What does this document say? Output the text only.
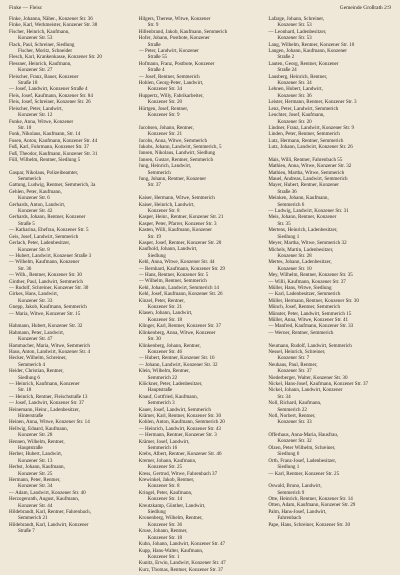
Finke — Fleisc	Gemeinde Großrath 2:9
Finke, Johanna, Näher., Konzener Str. 36
Finke, Karl, Werkmeister, Konzener Str. 38
Fischer, Heinrich, Kaufmann,
Konzener Str. 53
Flack, Paul, Schreiner, Siedlung
Fischer, Moritz, Schneider
Flesch, Karl, Krankenkasse, Konzener Str. 20
Flessner, Heinrich, Kaufmann,
Konzener Str. 27
Fleischer, Franz, Bauer, Konzener
Straße 18
— Josef, Landwirt, Konzener Straße 4
Fleis, Josef, Kaufmann, Konzener Str. 84
Fleis, Josef, Schreiner, Konzener Str. 26
Fleischer, Peter, Landwirt,
Konzener Str. 12
Funke, Anna, Witwe, Konzener
Str. 10
Funk, Nikolaus, Kaufmann, Str. 14
Fusen, Anton, Kaufmann, Konzener Str. 44
Fuß, Karl, Fuhrmann, Konzener Str. 37
Fuß, Theodor, Kaufmann, Konzener Str. 31
Füll, Wilhelm, Rentner, Siedlung 5
Gaspar, Nikolaus, Polizeibeamter,
Semmerich
Gattung, Ludwig, Rentner, Semmerich, 3a
Gehlen, Peter, Kaufmann,
Konzener Str. 6
Gerhards, Anton, Landwirt,
Konzener Str. 42
Gerhards, Johann, Rentner, Konzener
Straße 5
— Katharina, Ehefrau, Konzener Str. 5
Geis, Josef, Landwirt, Semmerich
Gerlach, Peter, Ladenbesitzer,
Konzener Str. 8
— Hubert, Landwirt, Konzener Straße 3
— Wilhelm, Kaufmann, Konzener
Str. 36
— Wilh., Rentner, Konzener Str. 30
Ginther, Paul, Landwirt, Semmerich
— Rudolf, Schreiner, Konzener Str. 30
Girkes, Hans, Landwirt,
Konzener Str. 33
Gnepp, Jakob, Kaufmann, Semmerich
— Maria, Witwe, Konzener Str. 15
Hahmann, Hubert, Konzener Str. 32
Hahmann, Peter, Landwirt,
Konzener Str. 47
Hammacher, Maria, Witwe, Semmerich
Haus, Anton, Landwirt, Konzener Str. 4
Hecker, Wilhelm, Schreiner,
Semmerich 4
Heider, Christian, Rentner,
Siedlung 6
— Heinrich, Kaufmann, Konzener
Str. 18
— Heinrich, Rentner, Fleischstraße 13
— Josef, Landwirt, Konzener Str. 37
Heinemann, Heinr., Ladenbesitzer,
Hinterstraße
Heinen, Anna, Witwe, Konzener Str. 14
Hellwig, Eduard, Kaufmann,
Konzener Str. 28
Hennen, Wilhelm, Rentner,
Hauptstraße
Herber, Hubert, Landwirt,
Konzener Str. 13
Herbst, Johann, Kaufmann,
Konzener Str. 25
Hermann, Peter, Rentner,
Konzener Str. 34
— Adam, Landwirt, Konzener Str. 40
Herzogenrath, August, Kaufmann,
Konzener Str. 44
Hildebrandt, Karl, Rentner, Fahrenbach,
Semmerich 21
Hildebrandt, Karl, Landwirt, Konzener
Straße 7
Hilgers, Therese, Witwe, Konzener
Str. 9
Hillenbrand, Jakob, Kaufmann, Semmerich
Hofer, Johann, Postbote, Konzener
Straße
— Peter, Landwirt, Konzener
Straße 55
Hofmann, Franz, Postbote, Konzener
Straße 4
— Josef, Rentner, Semmerich
Hohlen, Georg-Peter, Landwirt,
Konzener Str. 34
Huppertz, Willy, Fabrikarbeiter,
Konzener Str. 20
Hürtgen, Josef, Rentner,
Konzener Str. 9
Jacobsen, Johann, Rentner,
Konzener Str. 21
Jacobs, Anna, Witwe, Semmerich
Jakobs, Johann, Landwirt, Semmerich, 5
Jansen, Nikolaus, Landwirt, Siedlung
Jansen, Gustav, Rentner, Semmerich
Jung, Heinrich, Landwirt,
Semmerich
Jung, Johann, Rentner, Konzener
Str. 37
Kaiser, Hermann, Witwe, Semmerich
Kaiser, Heinrich, Landwirt,
Konzener Str. 8
Kasper, Heinr., Rentner, Konzener Str. 21
Kasper, Peter, Pfarrer, Konzener Str. 3
Kasten, Willi, Kaufmann, Konzener
Str. 19
Kasper, Josef, Rentner, Konzener Str. 20
Kaufhold, Johann, Landwirt,
Siedlung
Kehl, Anna, Witwe, Konzener Str. 44
— Bernhard, Kaufmann, Konzener Str. 29
— Hans, Rentner, Konzener Str. 5
— Wilhelm, Rentner, Semmerich
Kehl, Johann, Landwirt, Semmerich 14
Kehl, Josef, Kaufmann, Konzener Str. 26
Kinzel, Peter, Rentner,
Konzener Str. 21
Klasen, Johann, Landwirt,
Konzener Str. 18
Klinger, Karl, Rentner, Konzener Str. 37
Klinkenberg, Anna, Witwe, Konzener
Str. 30
Klinkenberg, Johann, Rentner,
Konzener Str. 46
— Hubert, Rentner, Konzener Str. 16
— Johann, Landwirt, Konzener Str. 32
Klein, Wilhelm, Rentner,
Semmerich 22
Klöckner, Peter, Ladenbesitzer,
Hauptstraße
Knauf, Gottfried, Kaufmann,
Semmerich 3
Kauer, Josef, Landwirt, Semmerich
Krämer, Karl, Rentner, Konzener Str. 30
Kohlen, Anton, Kaufmann, Semmerich 20
— Heinrich, Landwirt, Konzener Str. 43
— Hermann, Rentner, Konzener Str. 3
Krämer, Josef, Landwirt,
Semmerich 16
Krebs, Albert, Rentner, Konzener Str. 46
Kremer, Johann, Kaufmann,
Konzener Str. 25
Kress, Gertrud, Witwe, Fahrenbach 37
Krewinkel, Jakob, Rentner,
Konzener Str. 8
Kringel, Peter, Kaufmann,
Konzener Str. 14
Kreutzkamp, Günther, Landwirt,
Siedlung
Kronenberg, Wilhelm, Rentner,
Konzener Str. 36
Kruse, Johann, Rentner,
Konzener Str. 18
Kuhn, Johann, Landwirt, Konzener Str. 47
Kupp, Hans-Walter, Kaufmann,
Konzener Str. 1
Kunitz, Erwin, Landwirt, Konzener Str. 47
Kurz, Thomas, Rentner, Konzener Str. 37
Lafarge, Johann, Schreiner,
Konzener Str. 53
— Leonhard, Ladenbesitzer,
Konzener Str. 53
Lang, Wilhelm, Rentner, Konzener Str. 10
Langen, Johann, Kaufmann, Konzener
Straße 2
Lauten, Georg, Rentner, Konzener
Straße 24
Lausberg, Heinrich, Rentner,
Konzener Str. 34
Lehnen, Hubert, Landwirt,
Konzener Str. 36
Leister, Hermann, Rentner, Konzener Str. 3
Lenz, Peter, Landwirt, Semmerich
Leuchter, Josef, Kaufmann,
Konzener Str. 20
Lindner, Franz, Landwirt, Konzener Str. 9
Linden, Peter, Rentner, Semmerich
Lutz, Hermann, Rentner, Semmerich
Lutz, Johann, Landwirt, Konzener Str. 26
Mais, Willi, Rentner, Fahrenbach 55
Mathieu, Anna, Witwe, Konzener Str. 32
Mathieu, Martha, Witwe, Semmerich
Mauel, Andreas, Landwirt, Semmerich
Mayer, Hubert, Rentner, Konzener
Straße 36
Meinken, Johann, Kaufmann,
Semmerich 6
— Ludwig, Landwirt, Konzener Str. 31
Meis, Johann, Rentner, Konzener
Str. 35
Mertens, Heinrich, Ladenbesitzer,
Siedlung 1
Meyer, Martha, Witwe, Semmerich 32
Michels, Martin, Ladenbesitzer,
Konzener Str. 28
Mertes, Johann, Ladenbesitzer,
Konzener Str. 10
Mey, Wilhelm, Rentner, Konzener Str. 35
— Willi, Kaufmann, Konzener Str. 37
Müller, Hans, Witwe, Siedlung
— Karl, Ladenbesitzer, Semmerich
Müller, Hermann, Rentner, Konzener Str. 30
Münch, Josef, Rentner, Semmerich
Münster, Peter, Landwirt, Semmerich 15
Müller, Anna, Witwe, Konzener Str. 41
— Manfred, Kaufmann, Konzener Str. 33
— Werner, Rentner, Semmerich
Neumann, Rudolf, Landwirt, Semmerich
Nessel, Heinrich, Schreiner,
Konzener Str. 7
Neuhaus, Paul, Rentner,
Konzener Str. 37
Niederberger, Walter, Konzener Str. 30
Nickel, Hans-Josef, Kaufmann, Konzener Str. 37
Nickel, Johann, Landwirt, Konzener
Str. 34
Noll, Richard, Kaufmann,
Semmerich 22
Noll, Norbert, Rentner,
Konzener Str. 33
Offerhaus, Anna-Maria, Hausfrau,
Konzener Str. 32
Olzen, Peter Wilhelm, Schreiner,
Siedlung 6
Orth, Franz-Josef, Ladenbesitzer,
Siedlung 1
— Karl, Rentner, Konzener Str. 25
Oswald, Bruno, Landwirt,
Semmerich 9
Otte, Heinrich, Rentner, Konzener Str. 14
Otten, Adam, Kaufmann, Konzener Str. 29
Palm, Hans-Josef, Landwirt,
Fahrenbach
Pape, Hans, Schreiner, Konzener Str. 30
